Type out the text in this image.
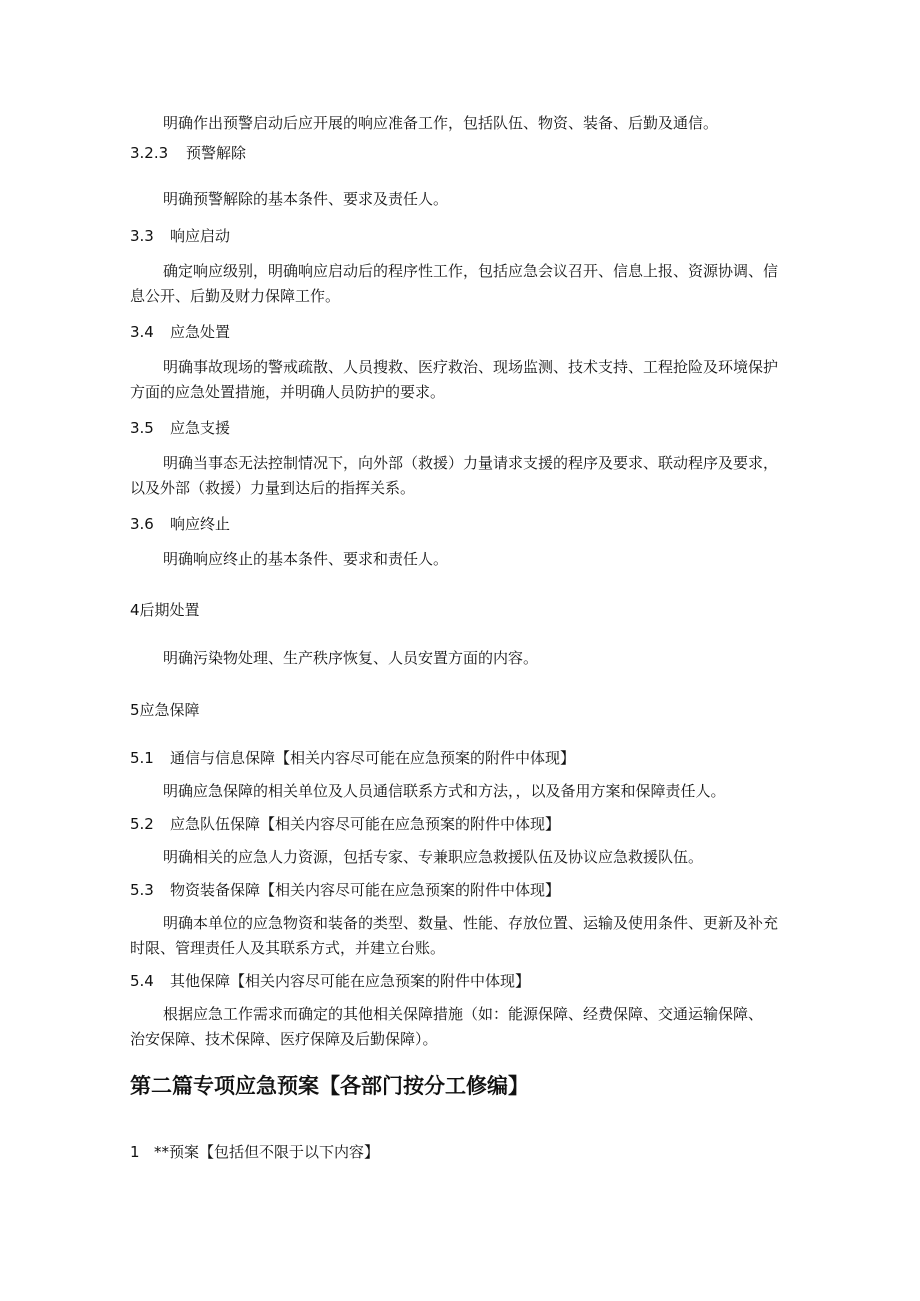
明确作出预警启动后应开展的响应准备工作，包括队伍、物资、装备、后勤及通信。
3.2.3 预警解除
明确预警解除的基本条件、要求及责任人。
3.3 响应启动
确定响应级别，明确响应启动后的程序性工作，包括应急会议召开、信息上报、资源协调、信
息公开、后勤及财力保障工作。
3.4 应急处置
明确事故现场的警戒疏散、人员搜救、医疗救治、现场监测、技术支持、工程抢险及环境保护
方面的应急处置措施，并明确人员防护的要求。
3.5 应急支援
明确当事态无法控制情况下，向外部（救援）力量请求支援的程序及要求、联动程序及要求，
以及外部（救援）力量到达后的指挥关系。
3.6 响应终止
明确响应终止的基本条件、要求和责任人。
4后期处置
明确污染物处理、生产秩序恢复、人员安置方面的内容。
5应急保障
5.1 通信与信息保障【相关内容尽可能在应急预案的附件中体现】
明确应急保障的相关单位及人员通信联系方式和方法，，以及备用方案和保障责任人。
5.2 应急队伍保障【相关内容尽可能在应急预案的附件中体现】
明确相关的应急人力资源，包括专家、专兼职应急救援队伍及协议应急救援队伍。
5.3 物资装备保障【相关内容尽可能在应急预案的附件中体现】
明确本单位的应急物资和装备的类型、数量、性能、存放位置、运输及使用条件、更新及补充
时限、管理责任人及其联系方式，并建立台账。
5.4 其他保障【相关内容尽可能在应急预案的附件中体现】
根据应急工作需求而确定的其他相关保障措施（如：能源保障、经费保障、交通运输保障、
治安保障、技术保障、医疗保障及后勤保障）。
第二篇专项应急预案【各部门按分工修编】
1 **预案【包括但不限于以下内容】
